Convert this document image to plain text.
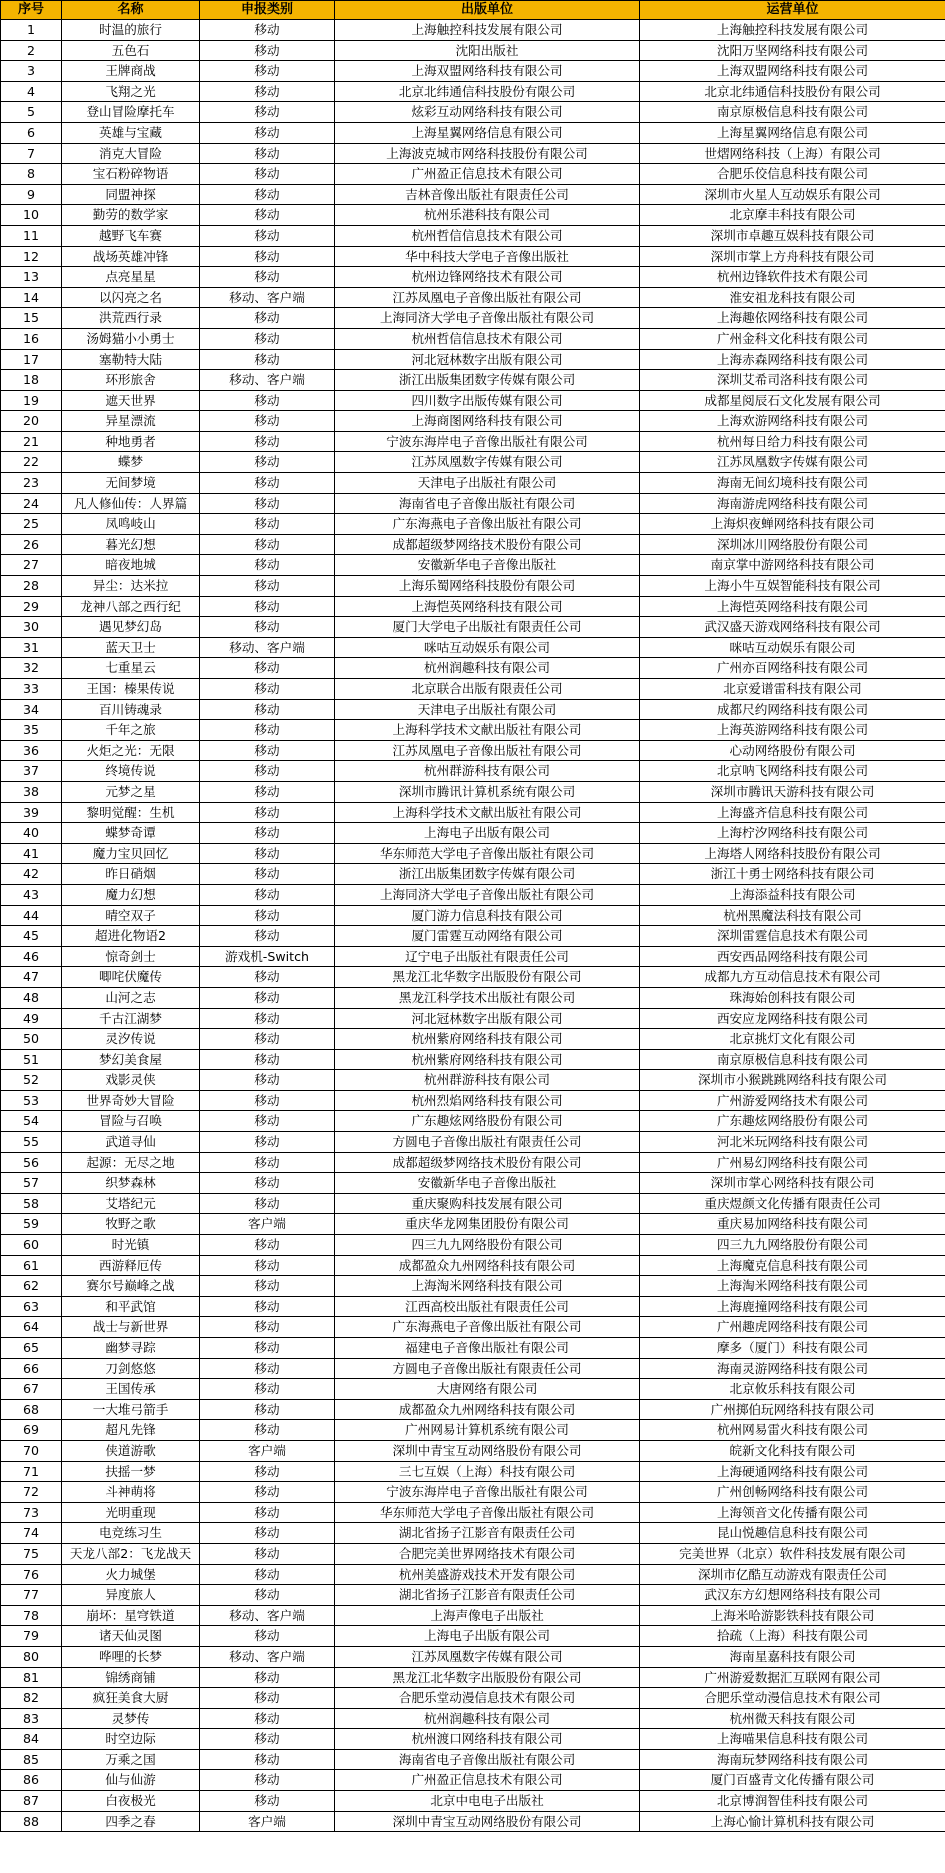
序号	名称	申报类别	出版单位	运营单位
1	时温的旅行	移动	上海触控科技发展有限公司	上海触控科技发展有限公司
2	五色石	移动	沈阳出版社	沈阳万坚网络科技有限公司
3	王牌商战	移动	上海双盟网络科技有限公司	上海双盟网络科技有限公司
4	飞翔之光	移动	北京北纬通信科技股份有限公司	北京北纬通信科技股份有限公司
5	登山冒险摩托车	移动	炫彩互动网络科技有限公司	南京原极信息科技有限公司
6	英雄与宝藏	移动	上海星翼网络信息有限公司	上海星翼网络信息有限公司
7	消克大冒险	移动	上海波克城市网络科技股份有限公司	世熠网络科技（上海）有限公司
8	宝石粉碎物语	移动	广州盈正信息技术有限公司	合肥乐佼信息科技有限公司
9	同盟神探	移动	吉林音像出版社有限责任公司	深圳市火星人互动娱乐有限公司
10	勤劳的数学家	移动	杭州乐港科技有限公司	北京摩丰科技有限公司
11	越野飞车赛	移动	杭州哲信信息技术有限公司	深圳市卓趣互娱科技有限公司
12	战场英雄冲锋	移动	华中科技大学电子音像出版社	深圳市掌上方舟科技有限公司
13	点亮星星	移动	杭州边锋网络技术有限公司	杭州边锋软件技术有限公司
14	以闪亮之名	移动、客户端	江苏凤凰电子音像出版社有限公司	淮安祖龙科技有限公司
15	洪荒西行录	移动	上海同济大学电子音像出版社有限公司	上海趣依网络科技有限公司
16	汤姆猫小小勇士	移动	杭州哲信信息技术有限公司	广州金科文化科技有限公司
17	塞勒特大陆	移动	河北冠林数字出版有限公司	上海赤森网络科技有限公司
18	环形旅舍	移动、客户端	浙江出版集团数字传媒有限公司	深圳艾希司洛科技有限公司
19	遮天世界	移动	四川数字出版传媒有限公司	成都星阅辰石文化发展有限公司
20	异星漂流	移动	上海商图网络科技有限公司	上海欢游网络科技有限公司
21	种地勇者	移动	宁波东海岸电子音像出版社有限公司	杭州每日给力科技有限公司
22	蝶梦	移动	江苏凤凰数字传媒有限公司	江苏凤凰数字传媒有限公司
23	无间梦境	移动	天津电子出版社有限公司	海南无间幻境科技有限公司
24	凡人修仙传：人界篇	移动	海南省电子音像出版社有限公司	海南游虎网络科技有限公司
25	凤鸣岐山	移动	广东海燕电子音像出版社有限公司	上海炽夜蝉网络科技有限公司
26	暮光幻想	移动	成都超级梦网络技术股份有限公司	深圳冰川网络股份有限公司
27	暗夜地城	移动	安徽新华电子音像出版社	南京掌中游网络科技有限公司
28	异尘：达米拉	移动	上海乐蜀网络科技股份有限公司	上海小牛互娱智能科技有限公司
29	龙神八部之西行纪	移动	上海恺英网络科技有限公司	上海恺英网络科技有限公司
30	遇见梦幻岛	移动	厦门大学电子出版社有限责任公司	武汉盛天游戏网络科技有限公司
31	蓝天卫士	移动、客户端	咪咕互动娱乐有限公司	咪咕互动娱乐有限公司
32	七重星云	移动	杭州润趣科技有限公司	广州亦百网络科技有限公司
33	王国：榛果传说	移动	北京联合出版有限责任公司	北京爱谱雷科技有限公司
34	百川铸魂录	移动	天津电子出版社有限公司	成都尺约网络科技有限公司
35	千年之旅	移动	上海科学技术文献出版社有限公司	上海英游网络科技有限公司
36	火炬之光：无限	移动	江苏凤凰电子音像出版社有限公司	心动网络股份有限公司
37	终境传说	移动	杭州群游科技有限公司	北京呐飞网络科技有限公司
38	元梦之星	移动	深圳市腾讯计算机系统有限公司	深圳市腾讯天游科技有限公司
39	黎明觉醒：生机	移动	上海科学技术文献出版社有限公司	上海盛齐信息科技有限公司
40	蝶梦奇谭	移动	上海电子出版有限公司	上海柠汐网络科技有限公司
41	魔力宝贝回忆	移动	华东师范大学电子音像出版社有限公司	上海塔人网络科技股份有限公司
42	昨日硝烟	移动	浙江出版集团数字传媒有限公司	浙江十勇士网络科技有限公司
43	魔力幻想	移动	上海同济大学电子音像出版社有限公司	上海添益科技有限公司
44	晴空双子	移动	厦门游力信息科技有限公司	杭州黑魔法科技有限公司
45	超进化物语2	移动	厦门雷霆互动网络有限公司	深圳雷霆信息技术有限公司
46	惊奇剑士	游戏机-Switch	辽宁电子出版社有限责任公司	西安西品网络科技有限公司
47	唧咤伏魔传	移动	黑龙江北华数字出版股份有限公司	成都九方互动信息技术有限公司
48	山河之志	移动	黑龙江科学技术出版社有限公司	珠海始创科技有限公司
49	千古江湖梦	移动	河北冠林数字出版有限公司	西安应龙网络科技有限公司
50	灵汐传说	移动	杭州紫府网络科技有限公司	北京挑灯文化有限公司
51	梦幻美食屋	移动	杭州紫府网络科技有限公司	南京原极信息科技有限公司
52	戏影灵侠	移动	杭州群游科技有限公司	深圳市小猴跳跳网络科技有限公司
53	世界奇妙大冒险	移动	杭州烈焰网络科技有限公司	广州游爱网络技术有限公司
54	冒险与召唤	移动	广东趣炫网络股份有限公司	广东趣炫网络股份有限公司
55	武道寻仙	移动	方圆电子音像出版社有限责任公司	河北米玩网络科技有限公司
56	起源：无尽之地	移动	成都超级梦网络技术股份有限公司	广州易幻网络科技有限公司
57	织梦森林	移动	安徽新华电子音像出版社	深圳市掌心网络科技有限公司
58	艾塔纪元	移动	重庆聚购科技发展有限公司	重庆煜颜文化传播有限责任公司
59	牧野之歌	客户端	重庆华龙网集团股份有限公司	重庆易加网络科技有限公司
60	时光镇	移动	四三九九网络股份有限公司	四三九九网络股份有限公司
61	西游释厄传	移动	成都盈众九州网络科技有限公司	上海魔克信息科技有限公司
62	赛尔号巅峰之战	移动	上海淘米网络科技有限公司	上海淘米网络科技有限公司
63	和平武馆	移动	江西高校出版社有限责任公司	上海鹿撞网络科技有限公司
64	战士与新世界	移动	广东海燕电子音像出版社有限公司	广州趣虎网络科技有限公司
65	幽梦寻踪	移动	福建电子音像出版社有限公司	摩多（厦门）科技有限公司
66	刀剑悠悠	移动	方圆电子音像出版社有限责任公司	海南灵游网络科技有限公司
67	王国传承	移动	大唐网络有限公司	北京攸乐科技有限公司
68	一大堆弓箭手	移动	成都盈众九州网络科技有限公司	广州掷伯玩网络科技有限公司
69	超凡先锋	移动	广州网易计算机系统有限公司	杭州网易雷火科技有限公司
70	侠道游歌	客户端	深圳中青宝互动网络股份有限公司	皖新文化科技有限公司
71	扶摇一梦	移动	三七互娱（上海）科技有限公司	上海硬通网络科技有限公司
72	斗神萌将	移动	宁波东海岸电子音像出版社有限公司	广州创畅网络科技有限公司
73	光明重现	移动	华东师范大学电子音像出版社有限公司	上海领音文化传播有限公司
74	电竞练习生	移动	湖北省扬子江影音有限责任公司	昆山悦趣信息科技有限公司
75	天龙八部2：飞龙战天	移动	合肥完美世界网络技术有限公司	完美世界（北京）软件科技发展有限公司
76	火力城堡	移动	杭州美盛游戏技术开发有限公司	深圳市亿酷互动游戏有限责任公司
77	异度旅人	移动	湖北省扬子江影音有限责任公司	武汉东方幻想网络科技有限公司
78	崩坏：星穹铁道	移动、客户端	上海声像电子出版社	上海米哈游影铁科技有限公司
79	诸天仙灵图	移动	上海电子出版有限公司	拾疏（上海）科技有限公司
80	哗哩的长梦	移动、客户端	江苏凤凰数字传媒有限公司	海南星嘉科技有限公司
81	锦绣商铺	移动	黑龙江北华数字出版股份有限公司	广州游爱数据汇互联网有限公司
82	疯狂美食大厨	移动	合肥乐堂动漫信息技术有限公司	合肥乐堂动漫信息技术有限公司
83	灵梦传	移动	杭州润趣科技有限公司	杭州微天科技有限公司
84	时空边际	移动	杭州渡口网络科技有限公司	上海喵果信息科技有限公司
85	万乘之国	移动	海南省电子音像出版社有限公司	海南玩梦网络科技有限公司
86	仙与仙游	移动	广州盈正信息技术有限公司	厦门百盛青文化传播有限公司
87	白夜极光	移动	北京中电电子出版社	北京博润智佳科技有限公司
88	四季之春	客户端	深圳中青宝互动网络股份有限公司	上海心愉计算机科技有限公司
